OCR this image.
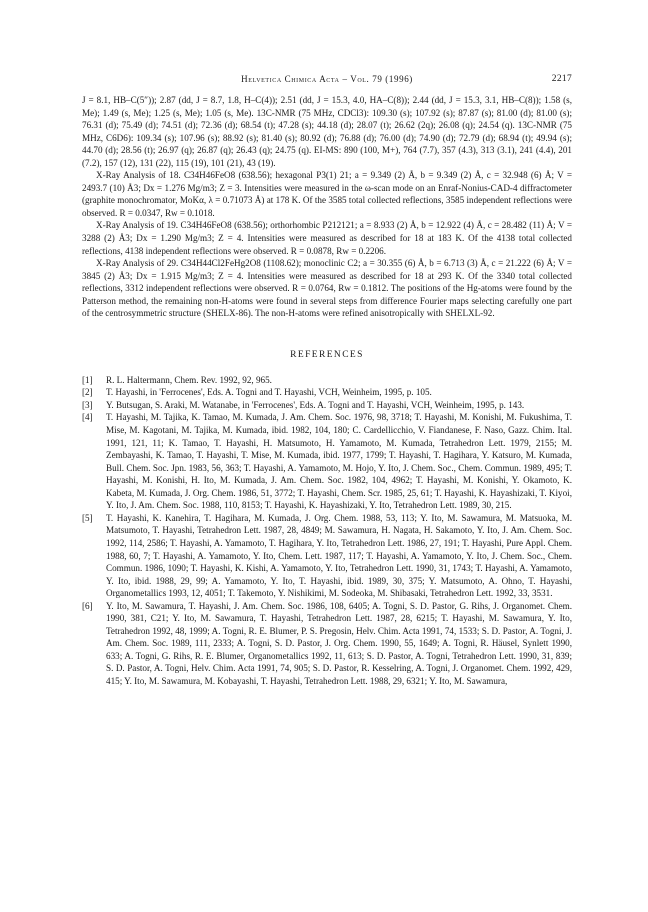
Helvetica Chimica Acta – Vol. 79 (1996)	2217

J = 8.1, HB–C(5″)); 2.87 (dd, J = 8.7, 1.8, H–C(4)); 2.51 (dd, J = 15.3, 4.0, HA–C(8)); 2.44 (dd, J = 15.3, 3.1, HB–C(8)); 1.58 (s, Me); 1.49 (s, Me); 1.25 (s, Me); 1.05 (s, Me). 13C-NMR (75 MHz, CDCl3): 109.30 (s); 107.92 (s); 87.87 (s); 81.00 (d); 81.00 (s); 76.31 (d); 75.49 (d); 74.51 (d); 72.36 (d); 68.54 (t); 47.28 (s); 44.18 (d); 28.07 (t); 26.62 (2q); 26.08 (q); 24.54 (q). 13C-NMR (75 MHz, C6D6): 109.34 (s); 107.96 (s); 88.92 (s); 81.40 (s); 80.92 (d); 76.88 (d); 76.00 (d); 74.90 (d); 72.79 (d); 68.94 (t); 49.94 (s); 44.70 (d); 28.56 (t); 26.97 (q); 26.87 (q); 26.43 (q); 24.75 (q). EI-MS: 890 (100, M+), 764 (7.7), 357 (4.3), 313 (3.1), 241 (4.4), 201 (7.2), 157 (12), 131 (22), 115 (19), 101 (21), 43 (19).

X-Ray Analysis of 18. C34H46FeO8 (638.56); hexagonal P3(1) 21; a = 9.349 (2) Å, b = 9.349 (2) Å, c = 32.948 (6) Å; V = 2493.7 (10) Å3; Dx = 1.276 Mg/m3; Z = 3. Intensities were measured in the ω-scan mode on an Enraf-Nonius-CAD-4 diffractometer (graphite monochromator, MoKα, λ = 0.71073 Å) at 178 K. Of the 3585 total collected reflections, 3585 independent reflections were observed. R = 0.0347, Rw = 0.1018.

X-Ray Analysis of 19. C34H46FeO8 (638.56); orthorhombic P212121; a = 8.933 (2) Å, b = 12.922 (4) Å, c = 28.482 (11) Å; V = 3288 (2) Å3; Dx = 1.290 Mg/m3; Z = 4. Intensities were measured as described for 18 at 183 K. Of the 4138 total collected reflections, 4138 independent reflections were observed. R = 0.0878, Rw = 0.2206.

X-Ray Analysis of 29. C34H44Cl2FeHg2O8 (1108.62); monoclinic C2; a = 30.355 (6) Å, b = 6.713 (3) Å, c = 21.222 (6) Å; V = 3845 (2) Å3; Dx = 1.915 Mg/m3; Z = 4. Intensities were measured as described for 18 at 293 K. Of the 3340 total collected reflections, 3312 independent reflections were observed. R = 0.0764, Rw = 0.1812. The positions of the Hg-atoms were found by the Patterson method, the remaining non-H-atoms were found in several steps from difference Fourier maps selecting carefully one part of the centrosymmetric structure (SHELX-86). The non-H-atoms were refined anisotropically with SHELXL-92.

REFERENCES

[1] R. L. Haltermann, Chem. Rev. 1992, 92, 965.

[2] T. Hayashi, in 'Ferrocenes', Eds. A. Togni and T. Hayashi, VCH, Weinheim, 1995, p. 105.

[3] Y. Butsugan, S. Araki, M. Watanabe, in 'Ferrocenes', Eds. A. Togni and T. Hayashi, VCH, Weinheim, 1995, p. 143.

[4] T. Hayashi, M. Tajika, K. Tamao, M. Kumada, J. Am. Chem. Soc. 1976, 98, 3718; T. Hayashi, M. Konishi, M. Fukushima, T. Mise, M. Kagotani, M. Tajika, M. Kumada, ibid. 1982, 104, 180; C. Cardellicchio, V. Fiandanese, F. Naso, Gazz. Chim. Ital. 1991, 121, 11; K. Tamao, T. Hayashi, H. Matsumoto, H. Yamamoto, M. Kumada, Tetrahedron Lett. 1979, 2155; M. Zembayashi, K. Tamao, T. Hayashi, T. Mise, M. Kumada, ibid. 1977, 1799; T. Hayashi, T. Hagihara, Y. Katsuro, M. Kumada, Bull. Chem. Soc. Jpn. 1983, 56, 363; T. Hayashi, A. Yamamoto, M. Hojo, Y. Ito, J. Chem. Soc., Chem. Commun. 1989, 495; T. Hayashi, M. Konishi, H. Ito, M. Kumada, J. Am. Chem. Soc. 1982, 104, 4962; T. Hayashi, M. Konishi, Y. Okamoto, K. Kabeta, M. Kumada, J. Org. Chem. 1986, 51, 3772; T. Hayashi, Chem. Scr. 1985, 25, 61; T. Hayashi, K. Hayashizaki, T. Kiyoi, Y. Ito, J. Am. Chem. Soc. 1988, 110, 8153; T. Hayashi, K. Hayashizaki, Y. Ito, Tetrahedron Lett. 1989, 30, 215.

[5] T. Hayashi, K. Kanehira, T. Hagihara, M. Kumada, J. Org. Chem. 1988, 53, 113; Y. Ito, M. Sawamura, M. Matsuoka, M. Matsumoto, T. Hayashi, Tetrahedron Lett. 1987, 28, 4849; M. Sawamura, H. Nagata, H. Sakamoto, Y. Ito, J. Am. Chem. Soc. 1992, 114, 2586; T. Hayashi, A. Yamamoto, T. Hagihara, Y. Ito, Tetrahedron Lett. 1986, 27, 191; T. Hayashi, Pure Appl. Chem. 1988, 60, 7; T. Hayashi, A. Yamamoto, Y. Ito, Chem. Lett. 1987, 117; T. Hayashi, A. Yamamoto, Y. Ito, J. Chem. Soc., Chem. Commun. 1986, 1090; T. Hayashi, K. Kishi, A. Yamamoto, Y. Ito, Tetrahedron Lett. 1990, 31, 1743; T. Hayashi, A. Yamamoto, Y. Ito, ibid. 1988, 29, 99; A. Yamamoto, Y. Ito, T. Hayashi, ibid. 1989, 30, 375; Y. Matsumoto, A. Ohno, T. Hayashi, Organometallics 1993, 12, 4051; T. Takemoto, Y. Nishikimi, M. Sodeoka, M. Shibasaki, Tetrahedron Lett. 1992, 33, 3531.

[6] Y. Ito, M. Sawamura, T. Hayashi, J. Am. Chem. Soc. 1986, 108, 6405; A. Togni, S. D. Pastor, G. Rihs, J. Organomet. Chem. 1990, 381, C21; Y. Ito, M. Sawamura, T. Hayashi, Tetrahedron Lett. 1987, 28, 6215; T. Hayashi, M. Sawamura, Y. Ito, Tetrahedron 1992, 48, 1999; A. Togni, R. E. Blumer, P. S. Pregosin, Helv. Chim. Acta 1991, 74, 1533; S. D. Pastor, A. Togni, J. Am. Chem. Soc. 1989, 111, 2333; A. Togni, S. D. Pastor, J. Org. Chem. 1990, 55, 1649; A. Togni, R. Häusel, Synlett 1990, 633; A. Togni, G. Rihs, R. E. Blumer, Organometallics 1992, 11, 613; S. D. Pastor, A. Togni, Tetrahedron Lett. 1990, 31, 839; S. D. Pastor, A. Togni, Helv. Chim. Acta 1991, 74, 905; S. D. Pastor, R. Kesselring, A. Togni, J. Organomet. Chem. 1992, 429, 415; Y. Ito, M. Sawamura, M. Kobayashi, T. Hayashi, Tetrahedron Lett. 1988, 29, 6321; Y. Ito, M. Sawamura,
